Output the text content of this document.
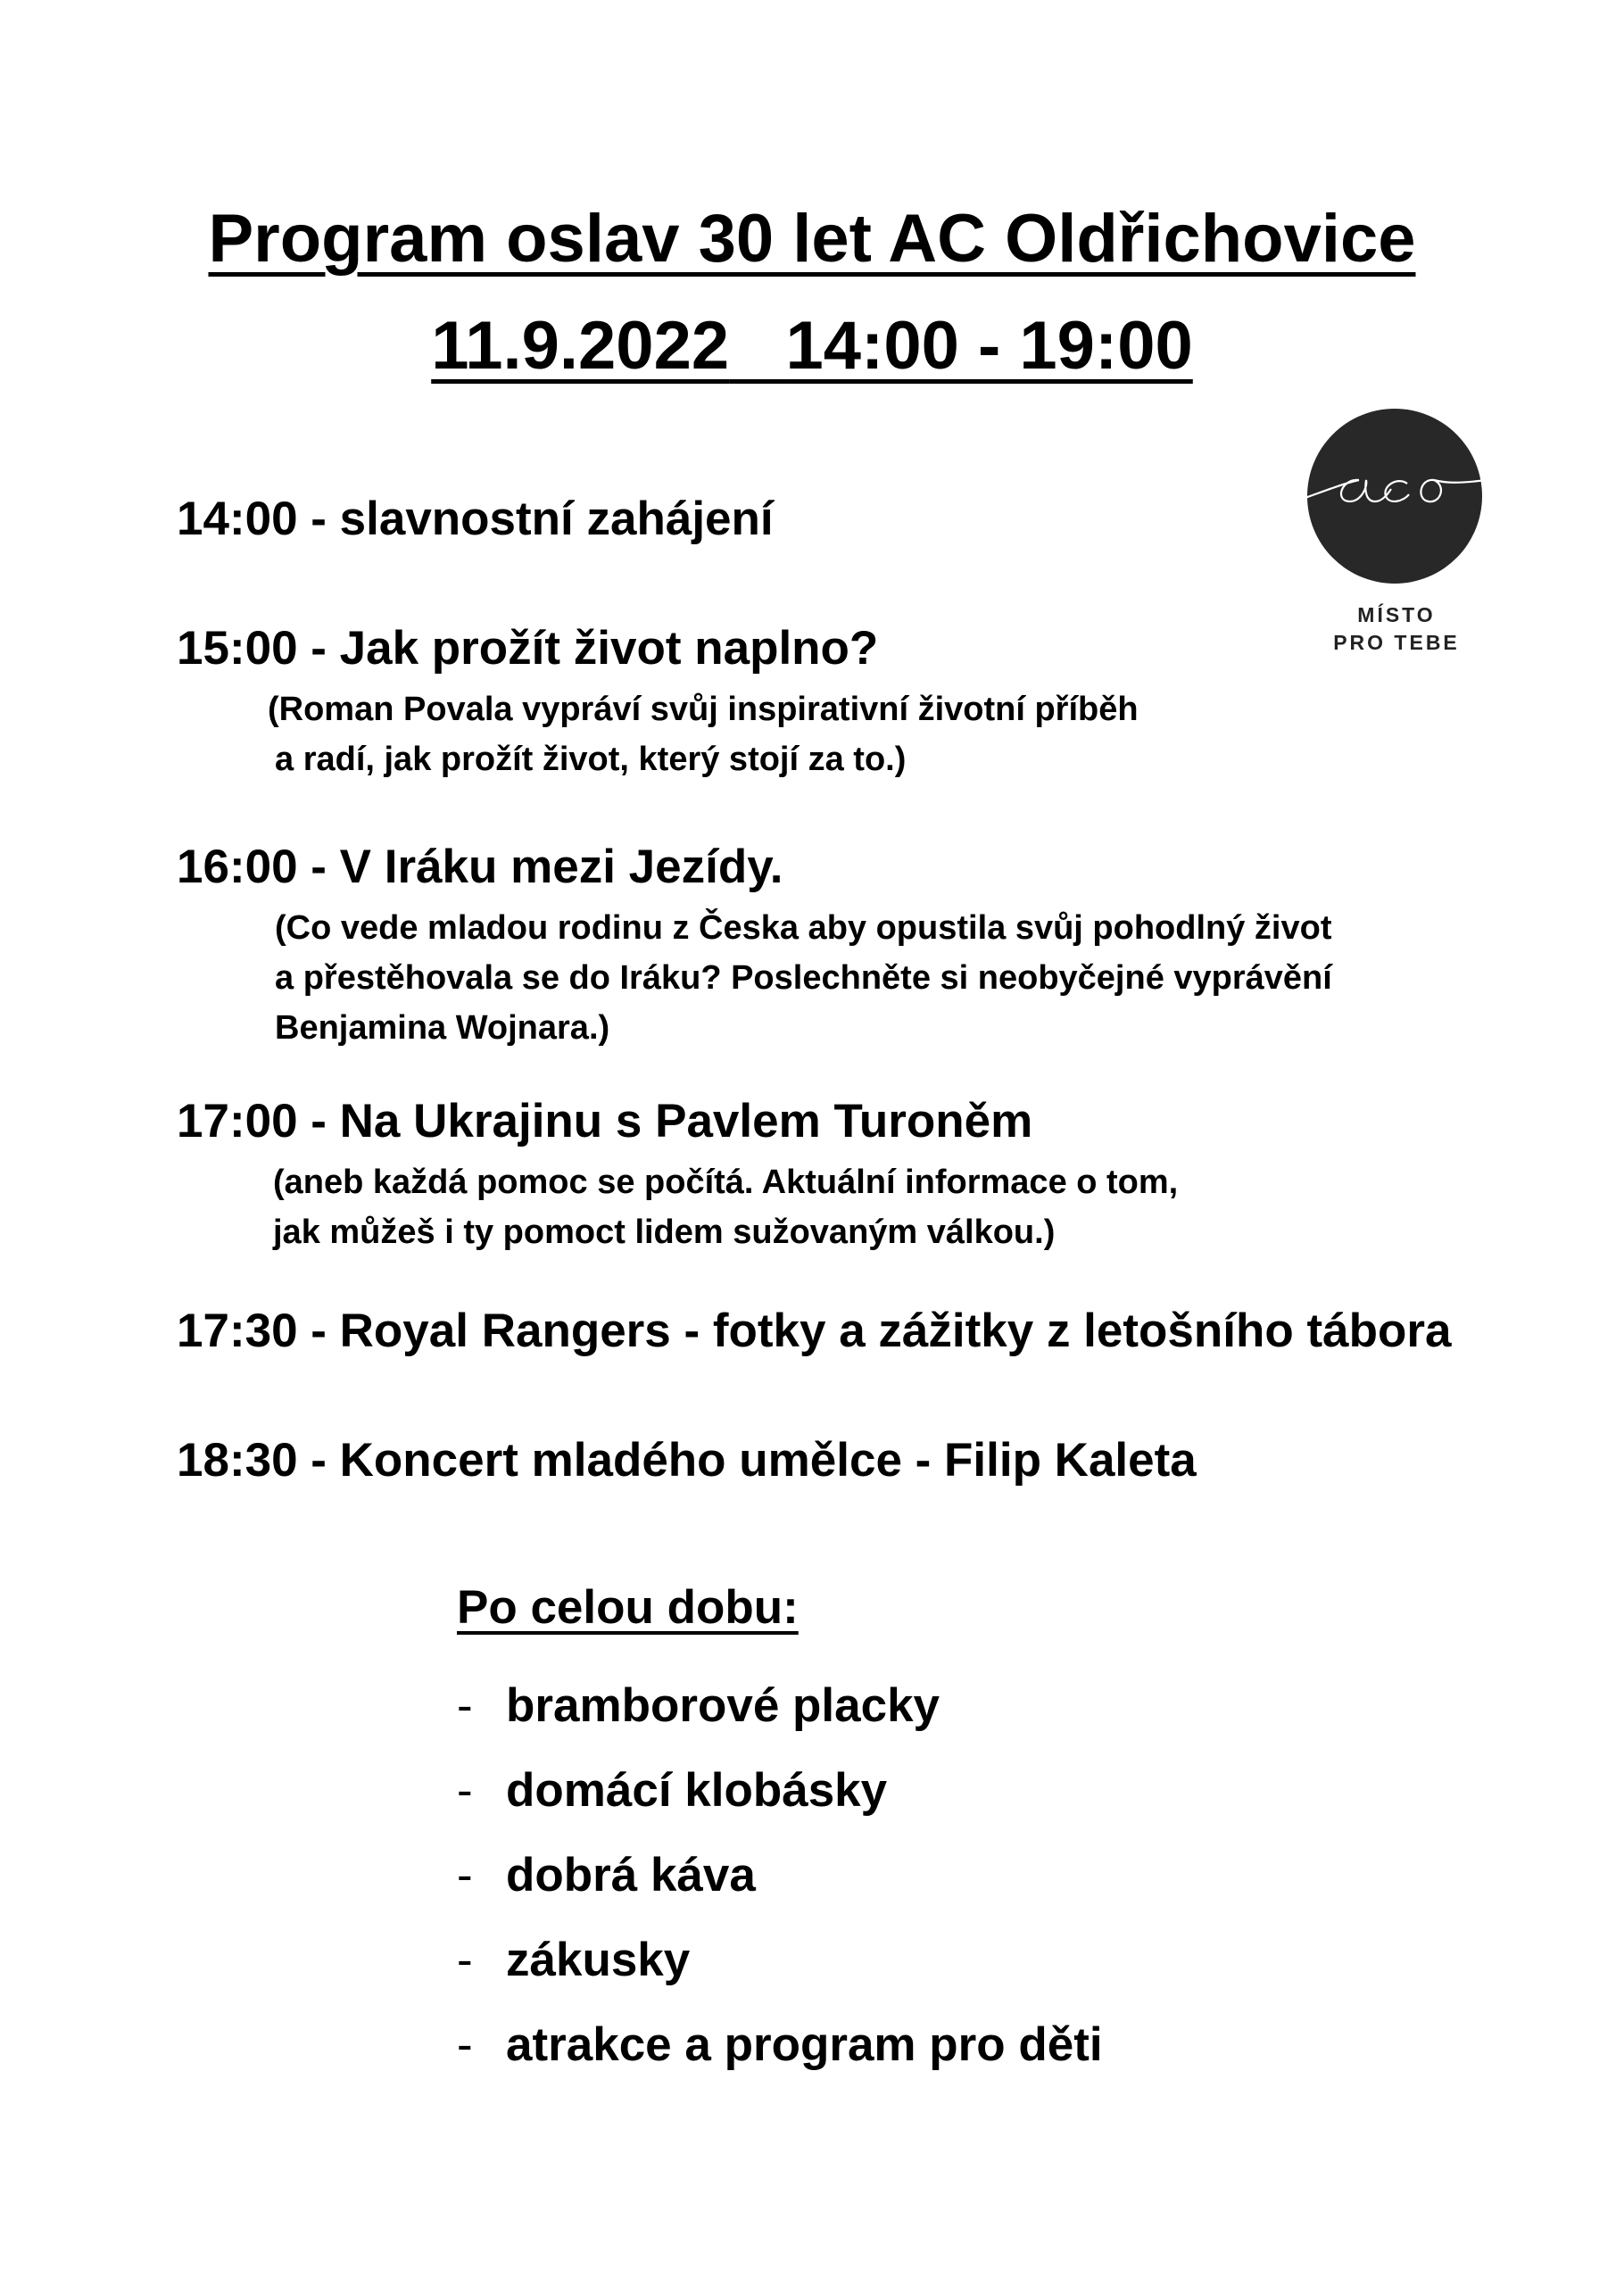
Program oslav 30 let AC Oldřichovice
11.9.2022 14:00 - 19:00
MÍSTO
PRO TEBE
14:00 - slavnostní zahájení
15:00 - Jak prožít život naplno?
(Roman Povala vypráví svůj inspirativní životní příběh
a radí, jak prožít život, který stojí za to.)
16:00 - V Iráku mezi Jezídy.
(Co vede mladou rodinu z Česka aby opustila svůj pohodlný život
a přestěhovala se do Iráku? Poslechněte si neobyčejné vyprávění
Benjamina Wojnara.)
17:00 - Na Ukrajinu s Pavlem Turoněm
(aneb každá pomoc se počítá. Aktuální informace o tom,
jak můžeš i ty pomoct lidem sužovaným válkou.)
17:30 - Royal Rangers - fotky a zážitky z letošního tábora
18:30 - Koncert mladého umělce - Filip Kaleta
Po celou dobu:
- bramborové placky
- domácí klobásky
- dobrá káva
- zákusky
- atrakce a program pro děti
